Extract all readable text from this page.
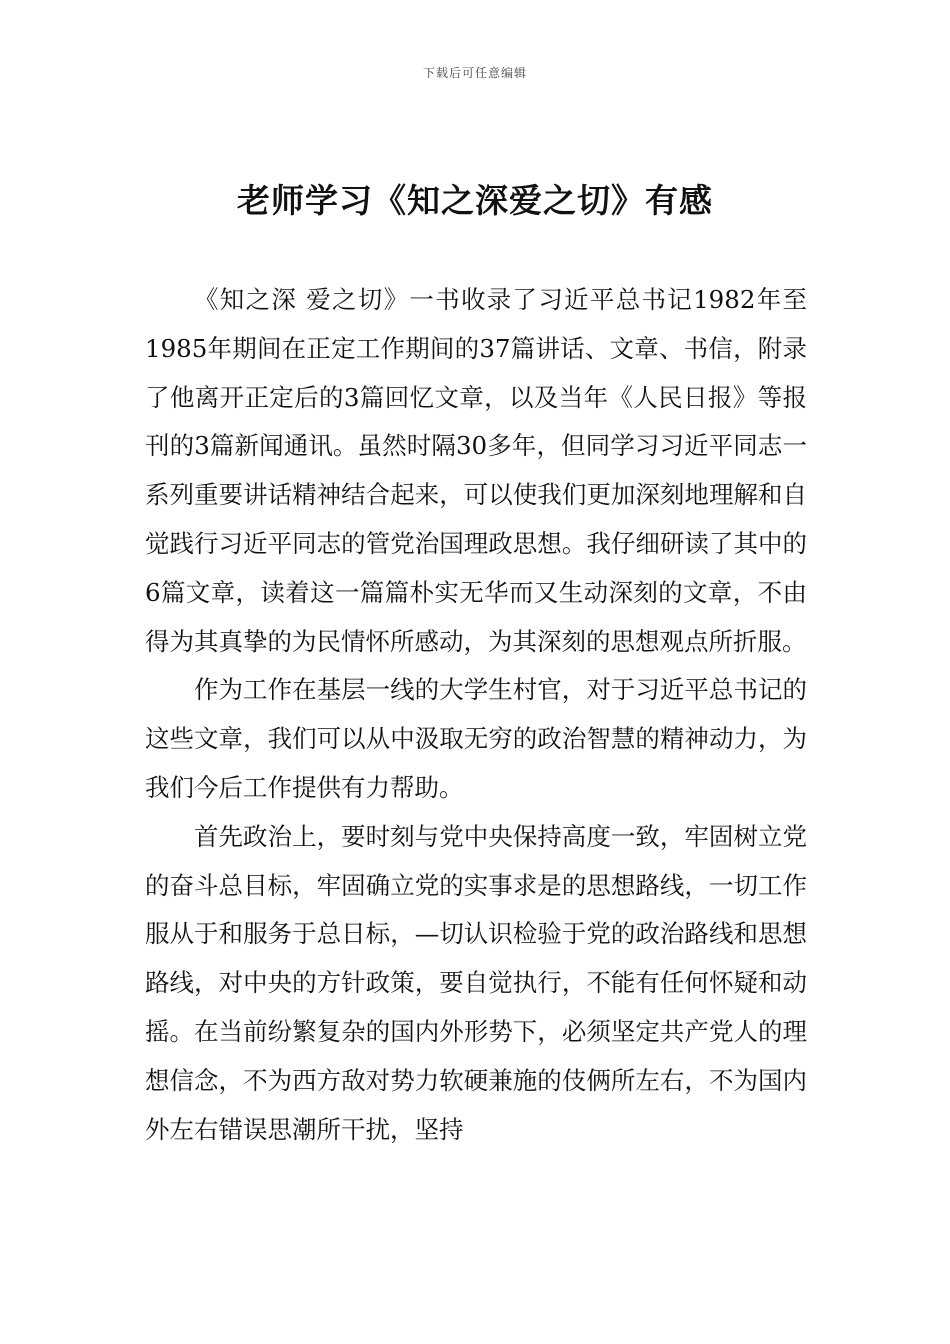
下载后可任意编辑
老师学习《知之深爱之切》有感

《知之深 爱之切》一书收录了习近平总书记1982年至1985年期间在正定工作期间的37篇讲话、文章、书信，附录了他离开正定后的3篇回忆文章，以及当年《人民日报》等报刊的3篇新闻通讯。虽然时隔30多年，但同学习习近平同志一系列重要讲话精神结合起来，可以使我们更加深刻地理解和自觉践行习近平同志的管党治国理政思想。我仔细研读了其中的6篇文章，读着这一篇篇朴实无华而又生动深刻的文章，不由得为其真挚的为民情怀所感动，为其深刻的思想观点所折服。

作为工作在基层一线的大学生村官，对于习近平总书记的这些文章，我们可以从中汲取无穷的政治智慧的精神动力，为我们今后工作提供有力帮助。

首先政治上，要时刻与党中央保持高度一致，牢固树立党的奋斗总目标，牢固确立党的实事求是的思想路线，一切工作服从于和服务于总日标，—切认识检验于党的政治路线和思想路线，对中央的方针政策，要自觉执行，不能有任何怀疑和动摇。在当前纷繁复杂的国内外形势下，必须坚定共产党人的理想信念，不为西方敌对势力软硬兼施的伎俩所左右，不为国内外左右错误思潮所干扰，坚持
